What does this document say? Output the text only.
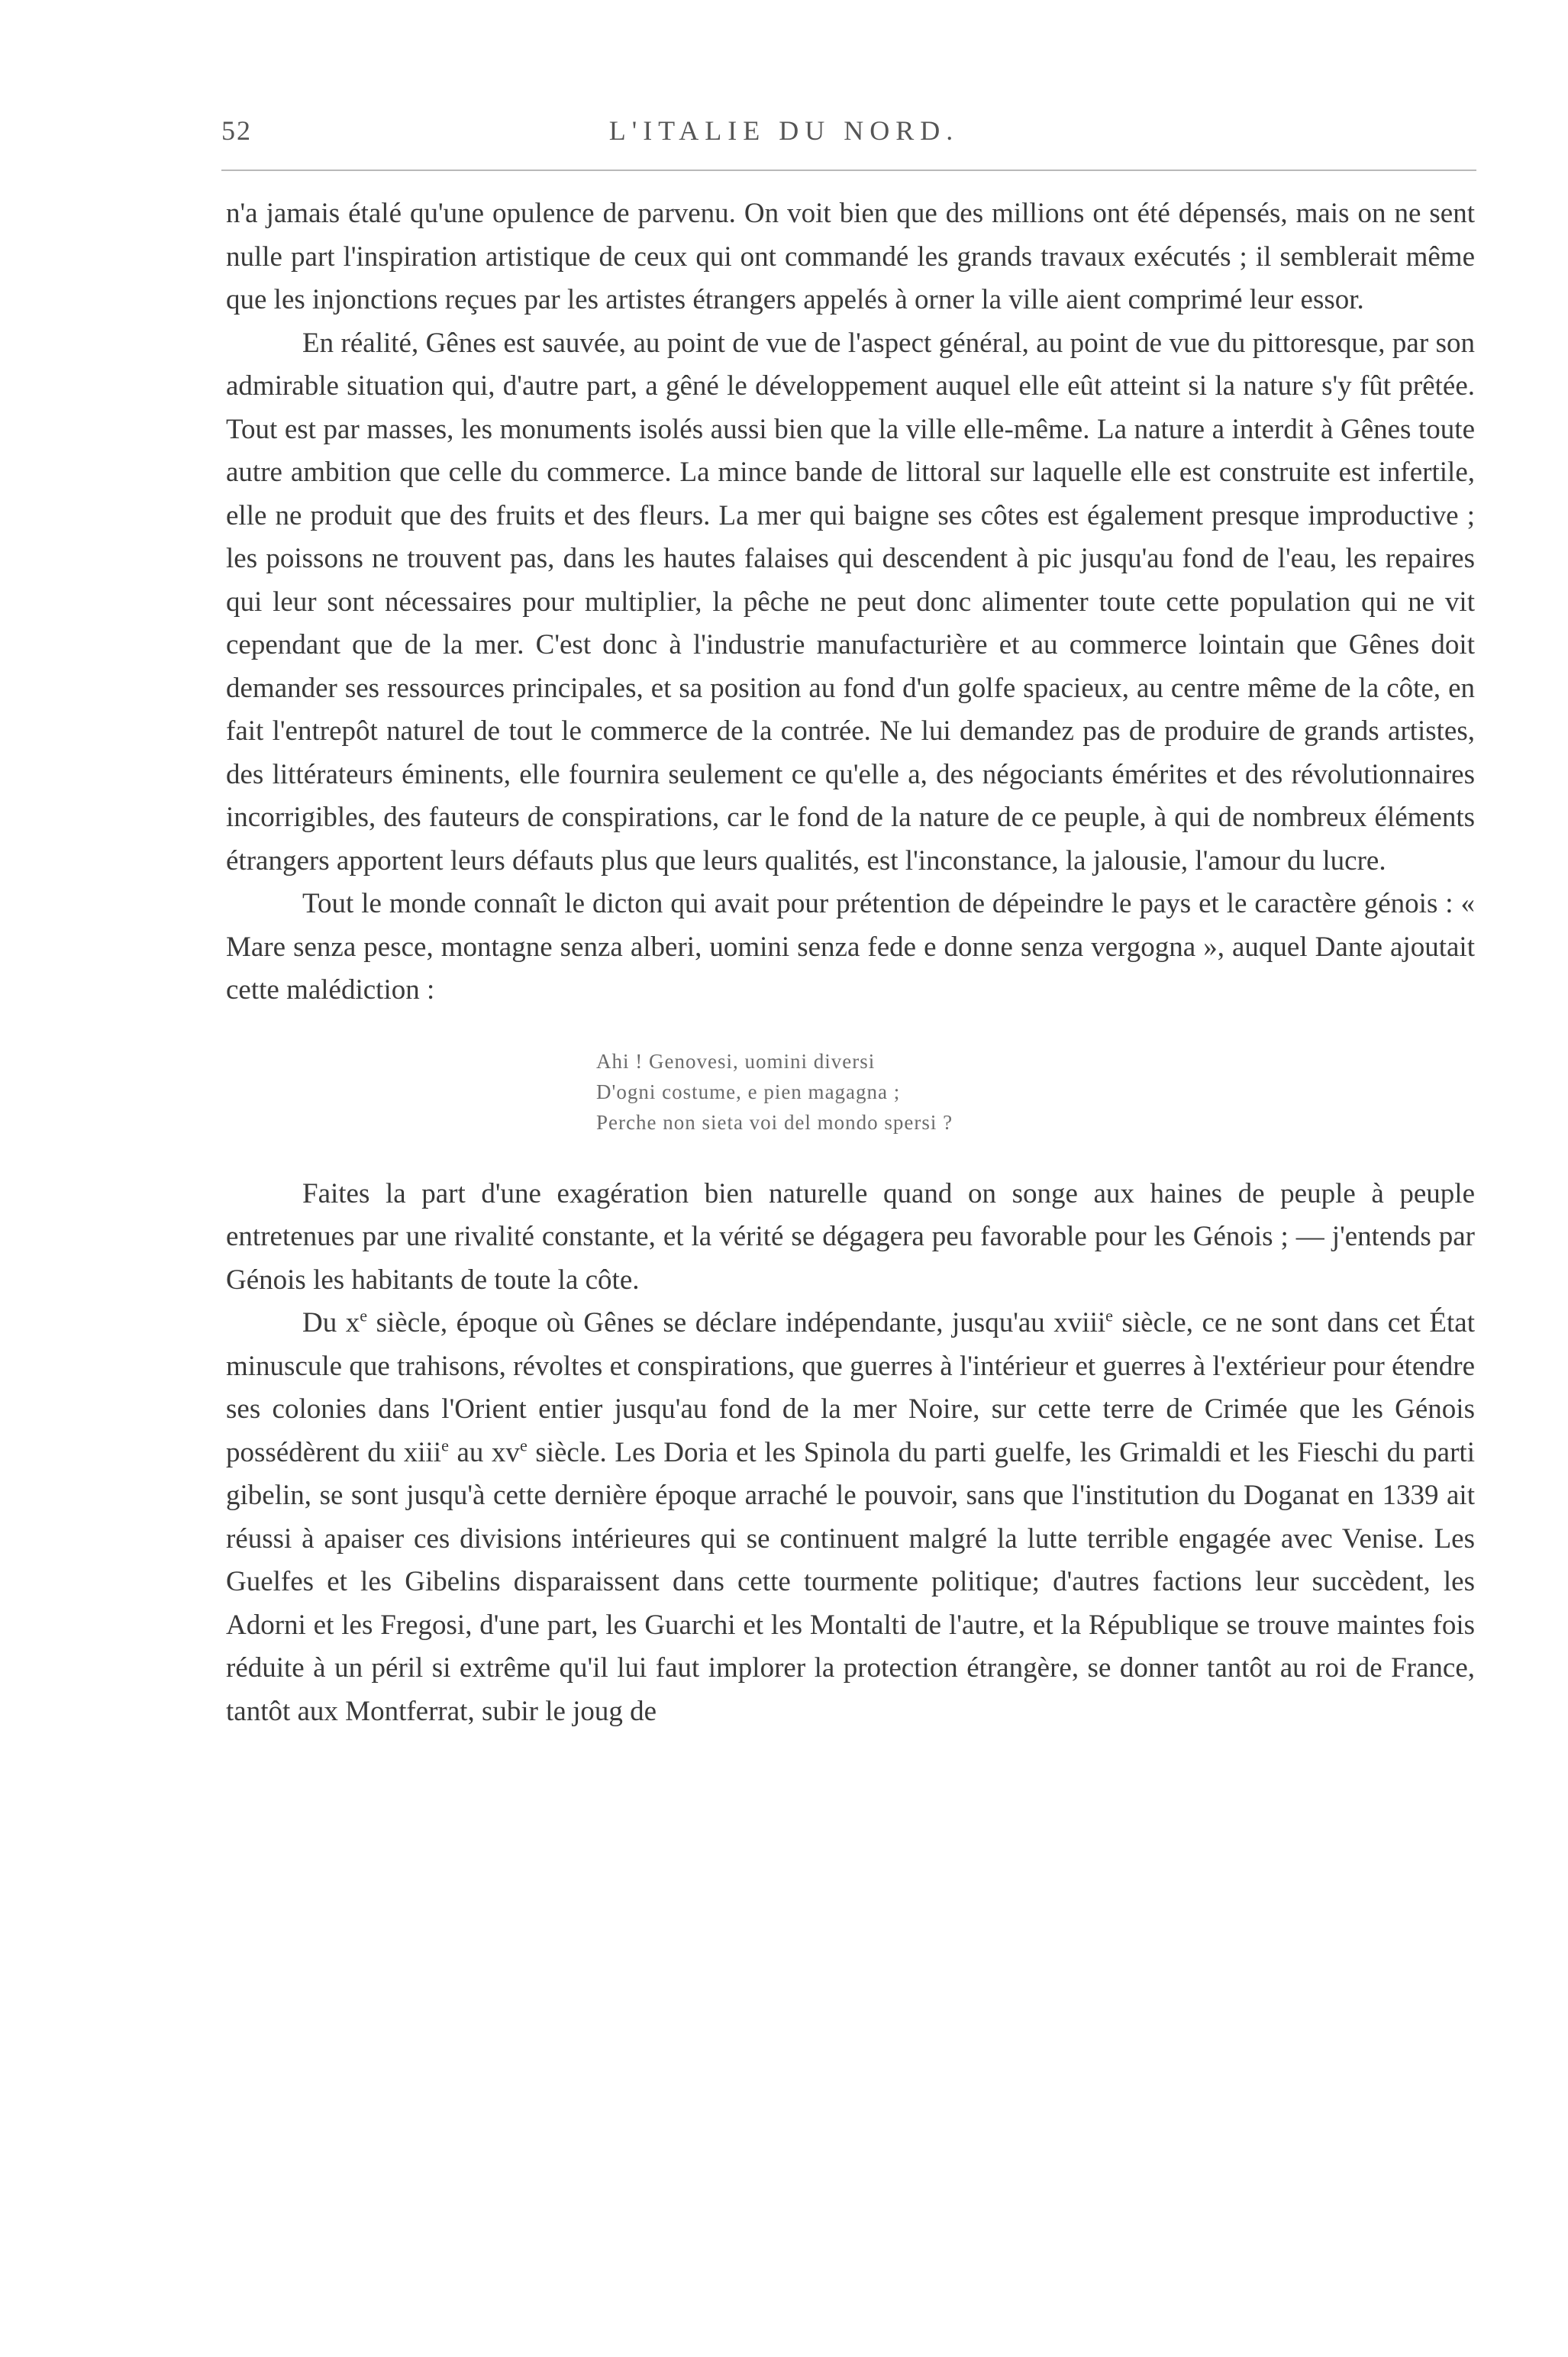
52	L'ITALIE DU NORD.

n'a jamais étalé qu'une opulence de parvenu. On voit bien que des millions ont été dépensés, mais on ne sent nulle part l'inspiration artistique de ceux qui ont commandé les grands travaux exécutés ; il semblerait même que les injonctions reçues par les artistes étrangers appelés à orner la ville aient comprimé leur essor.

En réalité, Gênes est sauvée, au point de vue de l'aspect général, au point de vue du pittoresque, par son admirable situation qui, d'autre part, a gêné le développement auquel elle eût atteint si la nature s'y fût prêtée. Tout est par masses, les monuments isolés aussi bien que la ville elle-même. La nature a interdit à Gênes toute autre ambition que celle du commerce. La mince bande de littoral sur laquelle elle est construite est infertile, elle ne produit que des fruits et des fleurs. La mer qui baigne ses côtes est également presque improductive ; les poissons ne trouvent pas, dans les hautes falaises qui descendent à pic jusqu'au fond de l'eau, les repaires qui leur sont nécessaires pour multiplier, la pêche ne peut donc alimenter toute cette population qui ne vit cependant que de la mer. C'est donc à l'industrie manufacturière et au commerce lointain que Gênes doit demander ses ressources principales, et sa position au fond d'un golfe spacieux, au centre même de la côte, en fait l'entrepôt naturel de tout le commerce de la contrée. Ne lui demandez pas de produire de grands artistes, des littérateurs éminents, elle fournira seulement ce qu'elle a, des négociants émérites et des révolutionnaires incorrigibles, des fauteurs de conspirations, car le fond de la nature de ce peuple, à qui de nombreux éléments étrangers apportent leurs défauts plus que leurs qualités, est l'inconstance, la jalousie, l'amour du lucre.

Tout le monde connaît le dicton qui avait pour prétention de dépeindre le pays et le caractère génois : « Mare senza pesce, montagne senza alberi, uomini senza fede e donne senza vergogna », auquel Dante ajoutait cette malédiction :

Ahi ! Genovesi, uomini diversi
D'ogni costume, e pien magagna ;
Perche non sieta voi del mondo spersi ?

Faites la part d'une exagération bien naturelle quand on songe aux haines de peuple à peuple entretenues par une rivalité constante, et la vérité se dégagera peu favorable pour les Génois ; — j'entends par Génois les habitants de toute la côte.

Du $x^e$ siècle, époque où Gênes se déclare indépendante, jusqu'au xviii$^e$ siècle, ce ne sont dans cet État minuscule que trahisons, révoltes et conspirations, que guerres à l'intérieur et guerres à l'extérieur pour étendre ses colonies dans l'Orient entier jusqu'au fond de la mer Noire, sur cette terre de Crimée que les Génois possédèrent du xiii$^e$ au $xv^e$ siècle. Les Doria et les Spinola du parti guelfe, les Grimaldi et les Fieschi du parti gibelin, se sont jusqu'à cette dernière époque arraché le pouvoir, sans que l'institution du Doganat en 1339 ait réussi à apaiser ces divisions intérieures qui se continuent malgré la lutte terrible engagée avec Venise. Les Guelfes et les Gibelins disparaissent dans cette tourmente politique; d'autres factions leur succèdent, les Adorni et les Fregosi, d'une part, les Guarchi et les Montalti de l'autre, et la République se trouve maintes fois réduite à un péril si extrême qu'il lui faut implorer la protection étrangère, se donner tantôt au roi de France, tantôt aux Montferrat, subir le joug de
